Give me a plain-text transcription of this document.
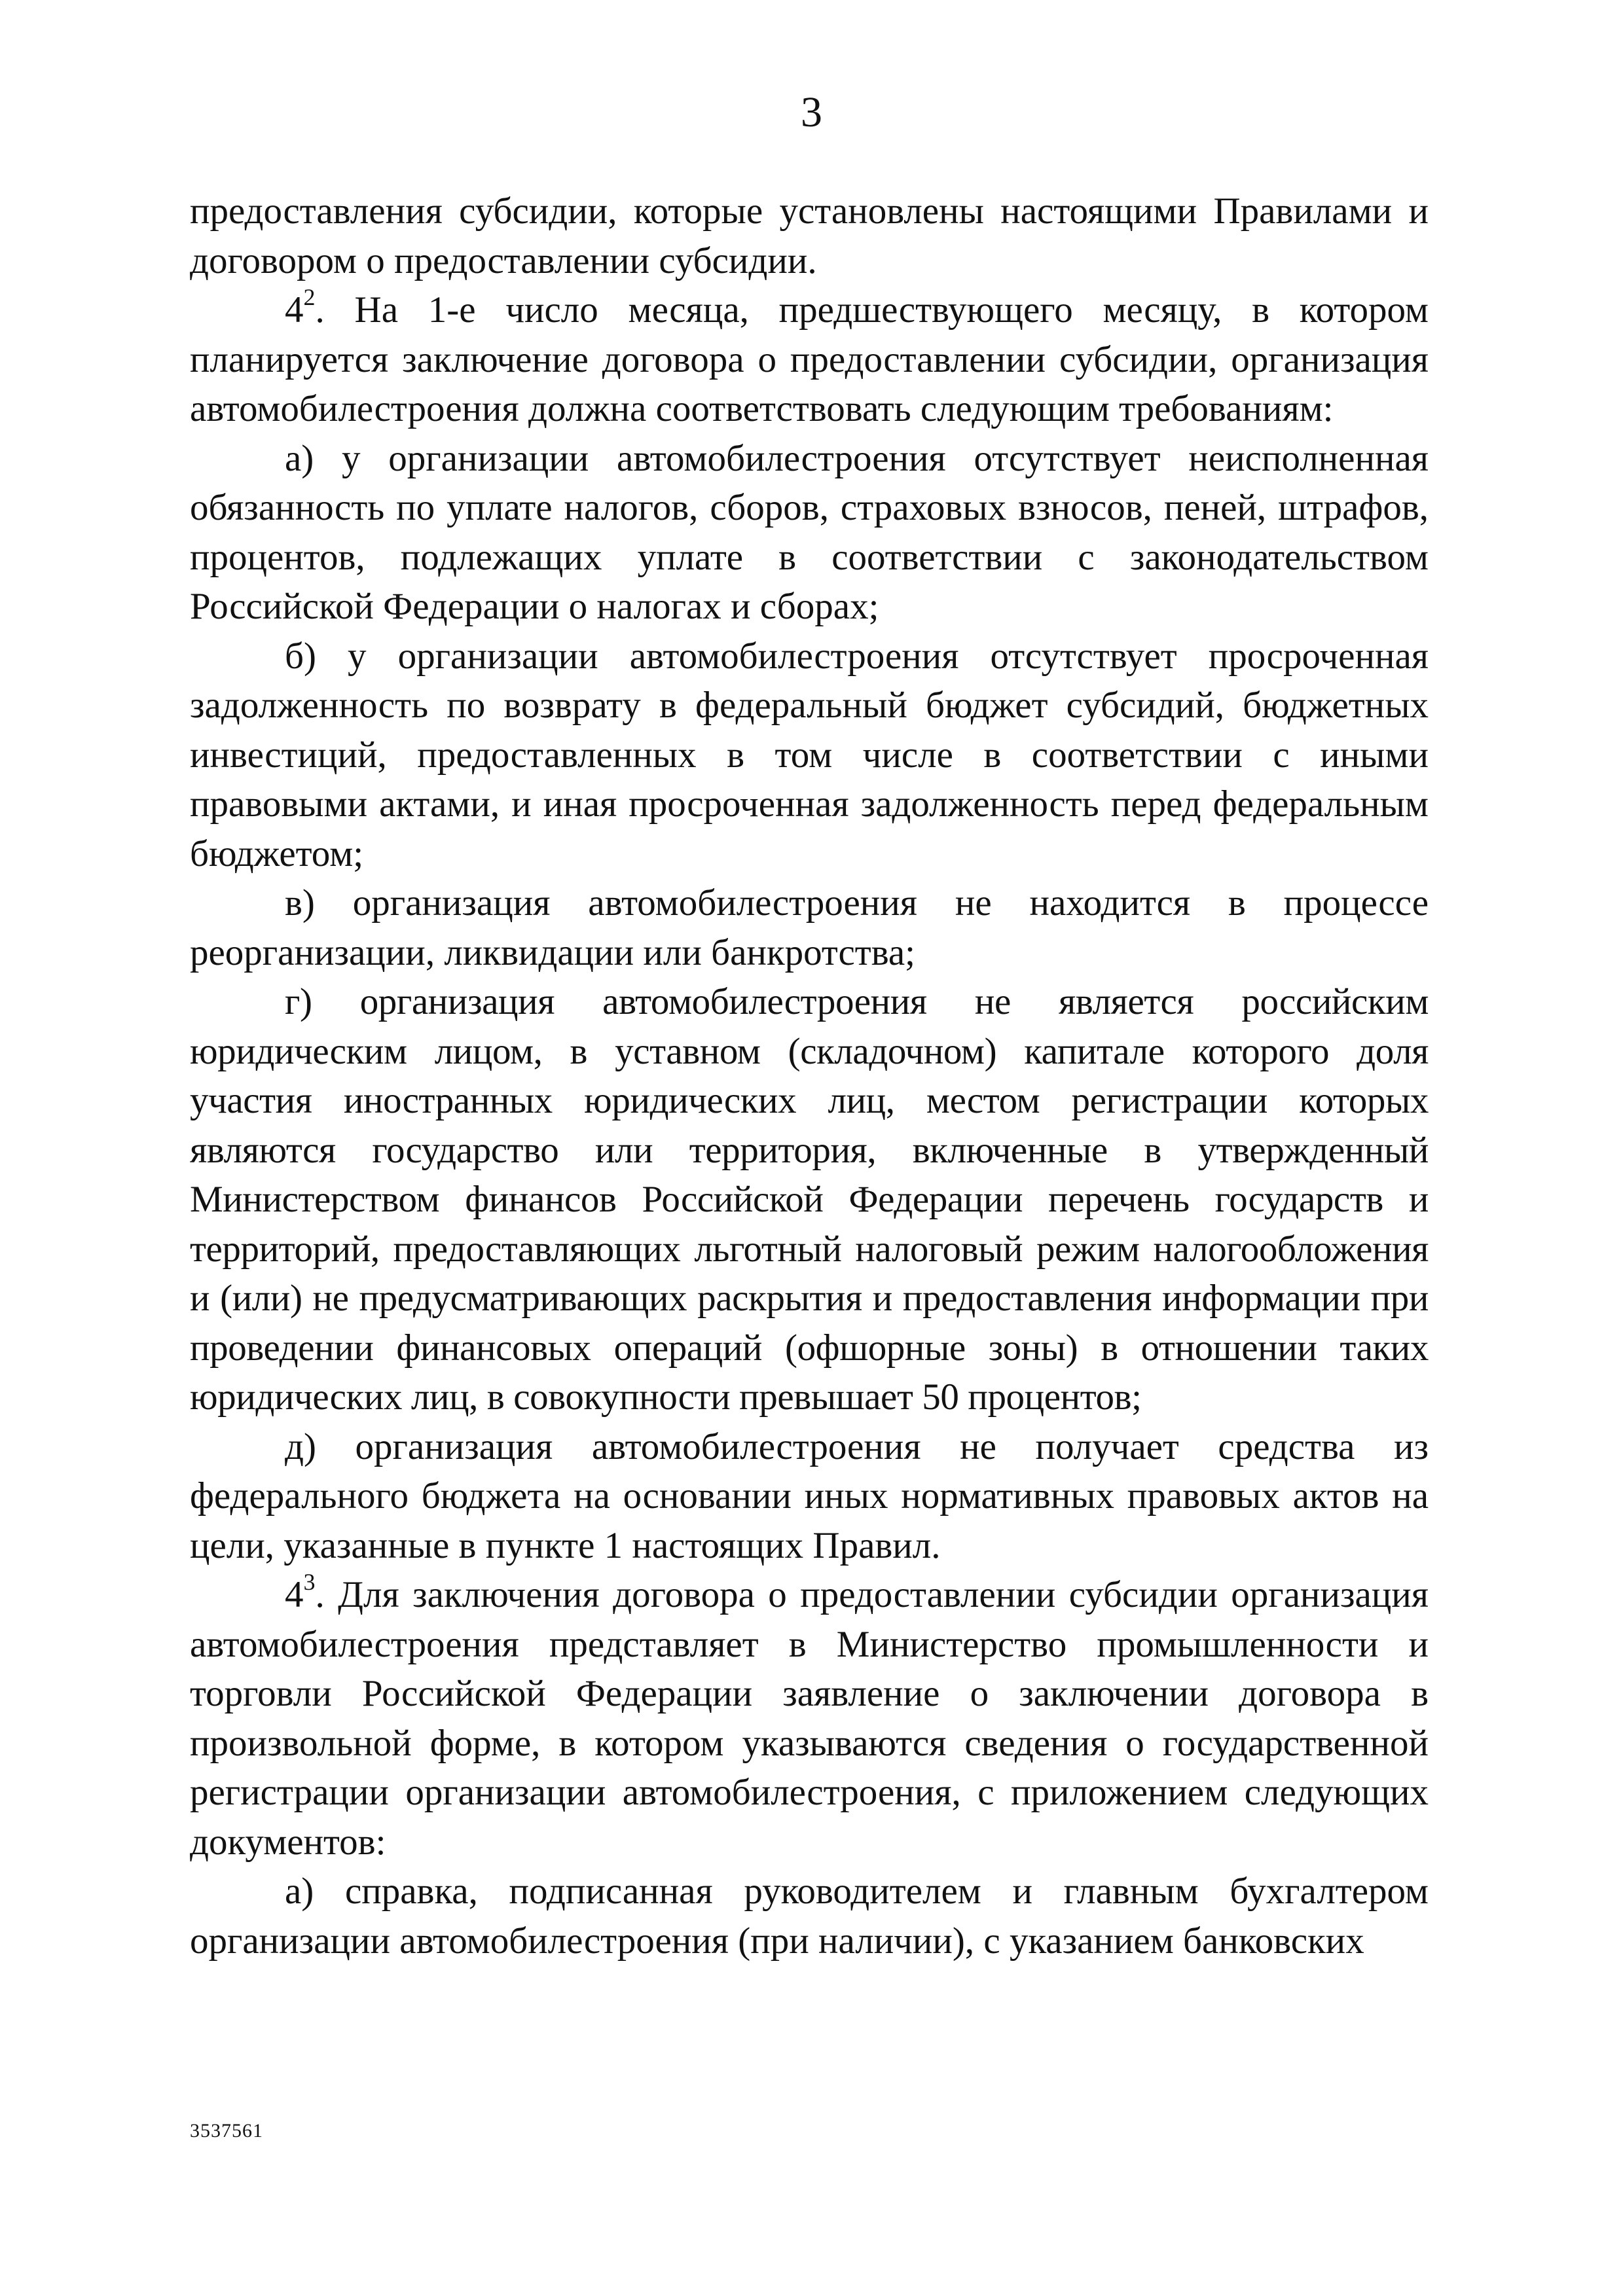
3

предоставления субсидии, которые установлены настоящими Правилами и договором о предоставлении субсидии.

$4^2$. На 1-е число месяца, предшествующего месяцу, в котором планируется заключение договора о предоставлении субсидии, организация автомобилестроения должна соответствовать следующим требованиям:

а) у организации автомобилестроения отсутствует неисполненная обязанность по уплате налогов, сборов, страховых взносов, пеней, штрафов, процентов, подлежащих уплате в соответствии с законодательством Российской Федерации о налогах и сборах;

б) у организации автомобилестроения отсутствует просроченная задолженность по возврату в федеральный бюджет субсидий, бюджетных инвестиций, предоставленных в том числе в соответствии с иными правовыми актами, и иная просроченная задолженность перед федеральным бюджетом;

в) организация автомобилестроения не находится в процессе реорганизации, ликвидации или банкротства;

г) организация автомобилестроения не является российским юридическим лицом, в уставном (складочном) капитале которого доля участия иностранных юридических лиц, местом регистрации которых являются государство или территория, включенные в утвержденный Министерством финансов Российской Федерации перечень государств и территорий, предоставляющих льготный налоговый режим налогообложения и (или) не предусматривающих раскрытия и предоставления информации при проведении финансовых операций (офшорные зоны) в отношении таких юридических лиц, в совокупности превышает 50 процентов;

д) организация автомобилестроения не получает средства из федерального бюджета на основании иных нормативных правовых актов на цели, указанные в пункте 1 настоящих Правил.

$4^3$. Для заключения договора о предоставлении субсидии организация автомобилестроения представляет в Министерство промышленности и торговли Российской Федерации заявление о заключении договора в произвольной форме, в котором указываются сведения о государственной регистрации организации автомобилестроения, с приложением следующих документов:

а) справка, подписанная руководителем и главным бухгалтером организации автомобилестроения (при наличии), с указанием банковских

3537561
